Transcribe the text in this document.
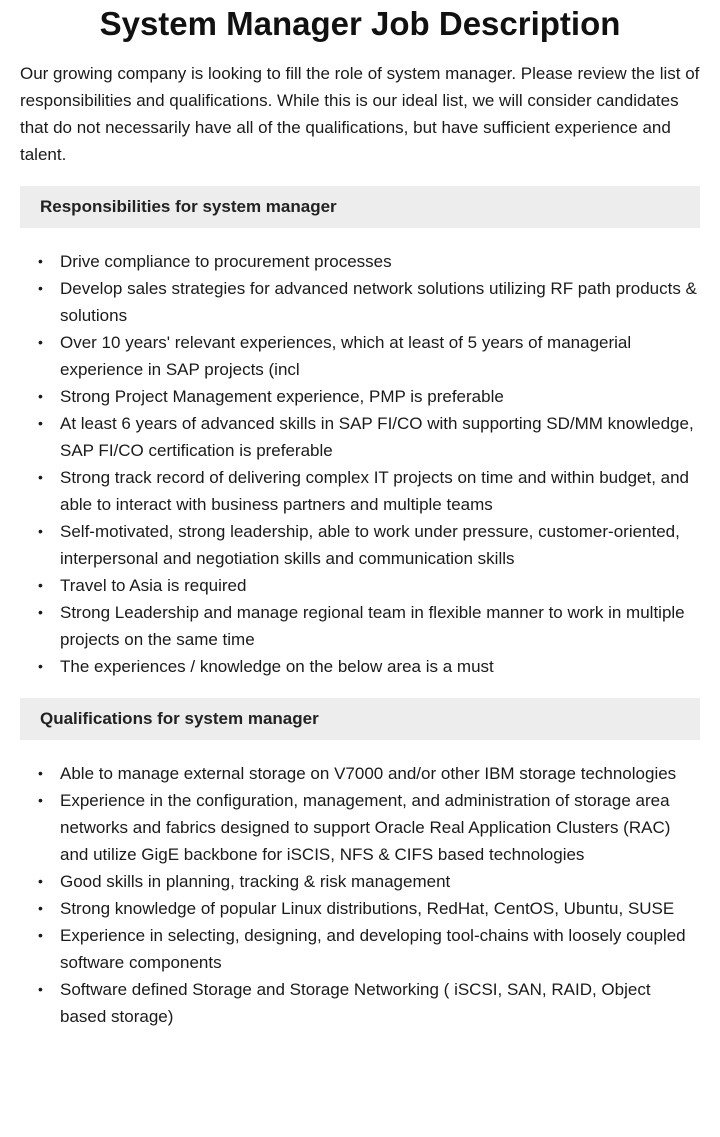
System Manager Job Description

Our growing company is looking to fill the role of system manager. Please review the list of responsibilities and qualifications. While this is our ideal list, we will consider candidates that do not necessarily have all of the qualifications, but have sufficient experience and talent.

Responsibilities for system manager
• Drive compliance to procurement processes
• Develop sales strategies for advanced network solutions utilizing RF path products & solutions
• Over 10 years' relevant experiences, which at least of 5 years of managerial experience in SAP projects (incl
• Strong Project Management experience, PMP is preferable
• At least 6 years of advanced skills in SAP FI/CO with supporting SD/MM knowledge, SAP FI/CO certification is preferable
• Strong track record of delivering complex IT projects on time and within budget, and able to interact with business partners and multiple teams
• Self-motivated, strong leadership, able to work under pressure, customer-oriented, interpersonal and negotiation skills and communication skills
• Travel to Asia is required
• Strong Leadership and manage regional team in flexible manner to work in multiple projects on the same time
• The experiences / knowledge on the below area is a must
Qualifications for system manager
• Able to manage external storage on V7000 and/or other IBM storage technologies
• Experience in the configuration, management, and administration of storage area networks and fabrics designed to support Oracle Real Application Clusters (RAC) and utilize GigE backbone for iSCIS, NFS & CIFS based technologies
• Good skills in planning, tracking & risk management
• Strong knowledge of popular Linux distributions, RedHat, CentOS, Ubuntu, SUSE
• Experience in selecting, designing, and developing tool-chains with loosely coupled software components
• Software defined Storage and Storage Networking ( iSCSI, SAN, RAID, Object based storage)
